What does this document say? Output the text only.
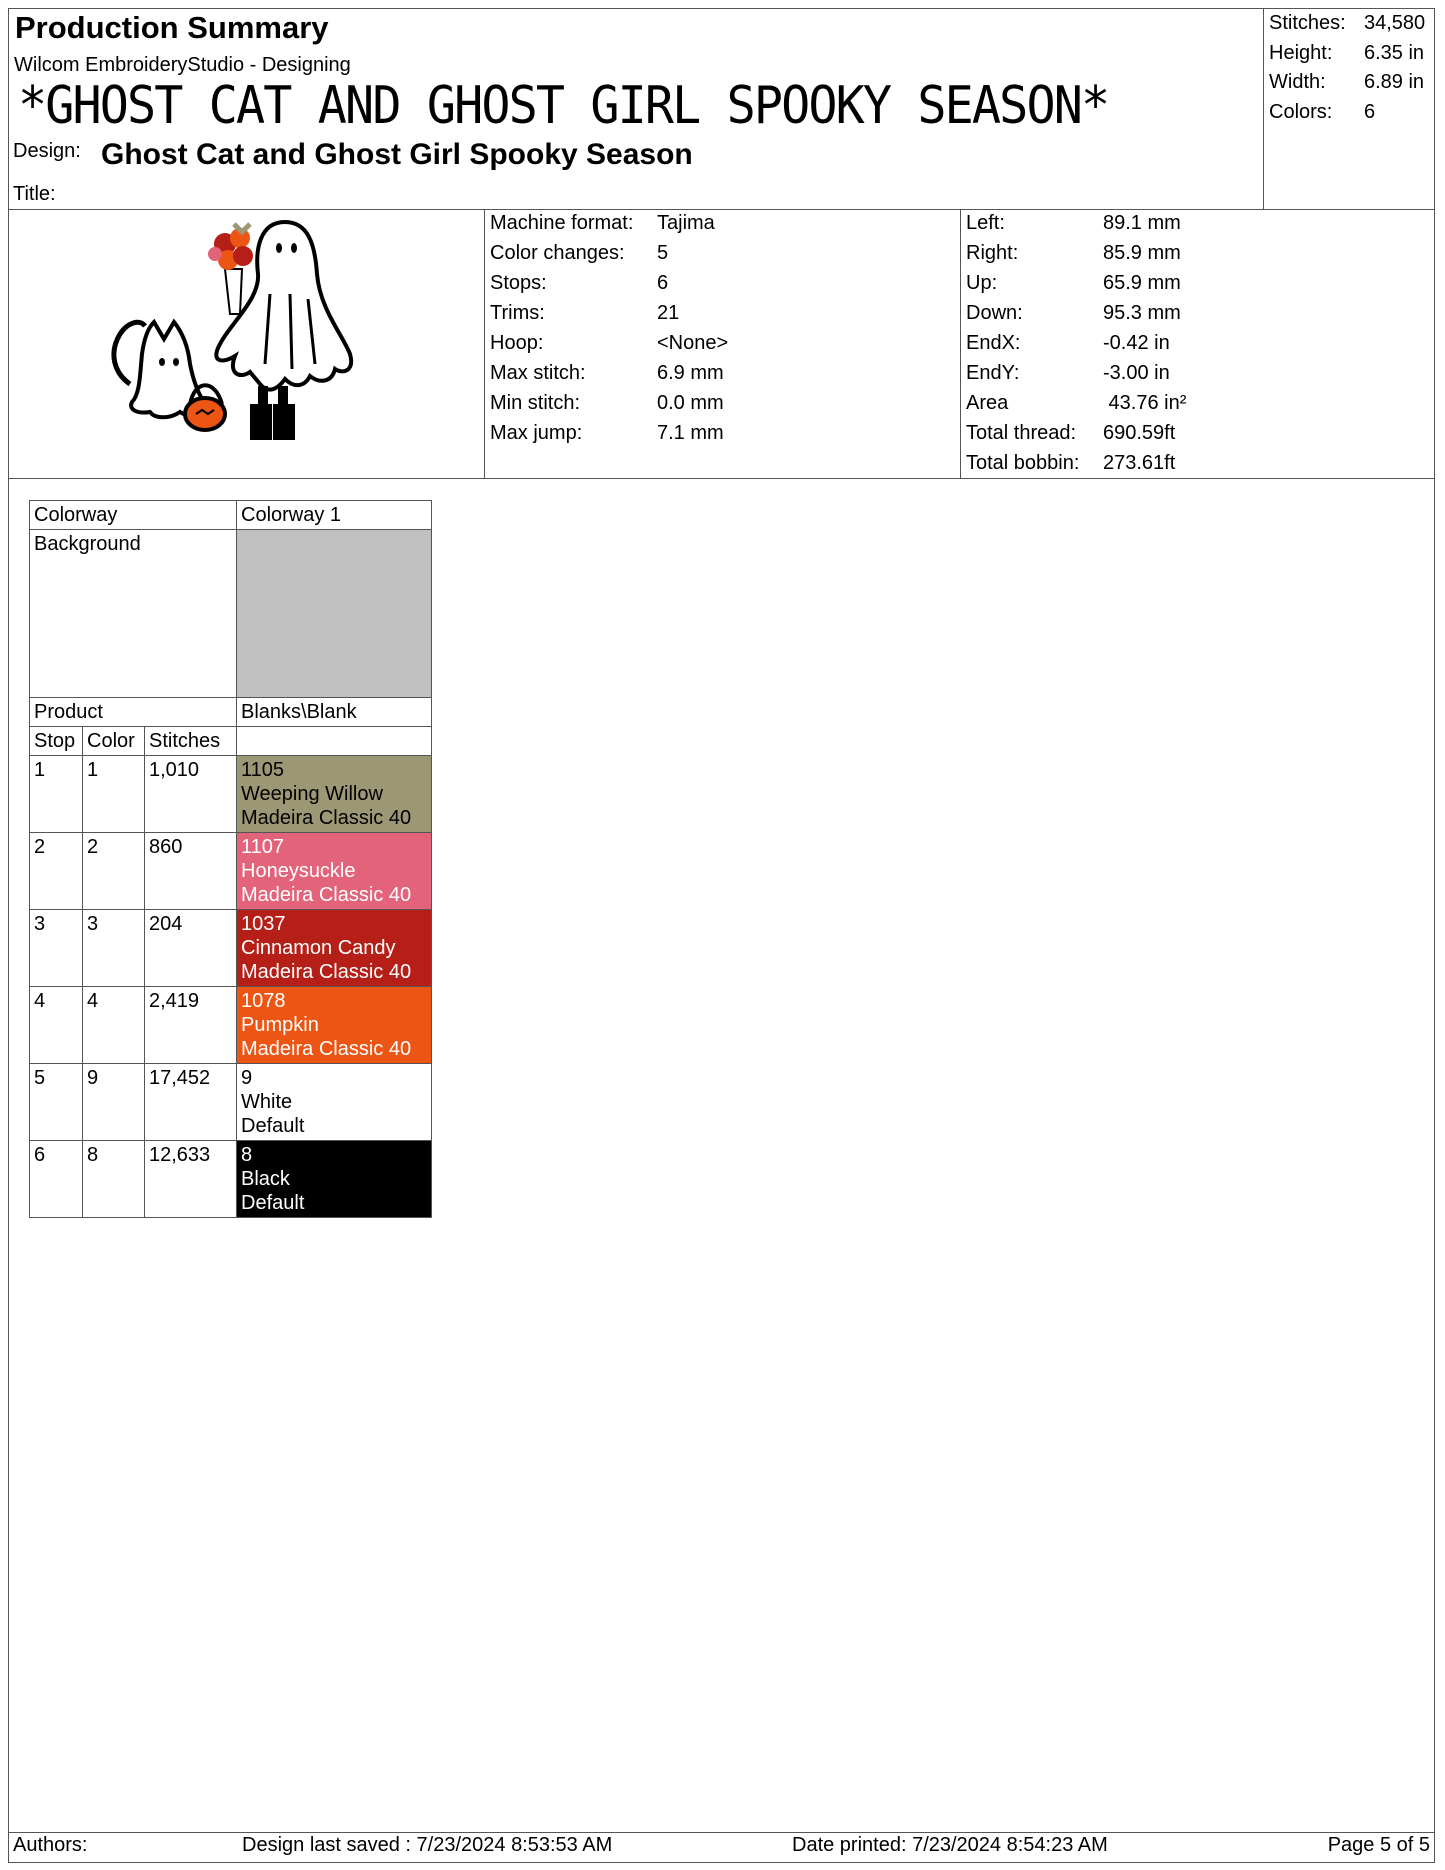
Production Summary
Wilcom EmbroideryStudio - Designing
*GHOST CAT AND GHOST GIRL SPOOKY SEASON*
Design: Ghost Cat and Ghost Girl Spooky Season
Title:
Stitches: 34,580
Height: 6.35 in
Width: 6.89 in
Colors: 6
Machine format: Tajima
Color changes: 5
Stops:	6
Trims:	21
Hoop:	<None>
Max stitch:	6.9 mm
Min stitch:	0.0 mm
Max jump:	7.1 mm
Left:	89.1 mm
Right:	85.9 mm
Up:	65.9 mm
Down:	95.3 mm
EndX:	-0.42 in
EndY:	-3.00 in
Area	43.76 in²
Total thread: 690.59ft
Total bobbin: 273.61ft
Colorway			Colorway 1
Background			
Product			Blanks\Blank
Stop	Color	Stitches	
1	1	1,010	1105
Weeping Willow
Madeira Classic 40

2	2	860	1107
Honeysuckle
Madeira Classic 40

3	3	204	1037
Cinnamon Candy
Madeira Classic 40

4	4	2,419	1078
Pumpkin
Madeira Classic 40

5	9	17,452	9
White
Default

6	8	12,633	8
Black
Default
Authors:	Design last saved : 7/23/2024 8:53:53 AM	Date printed: 7/23/2024 8:54:23 AM	Page 5 of 5
